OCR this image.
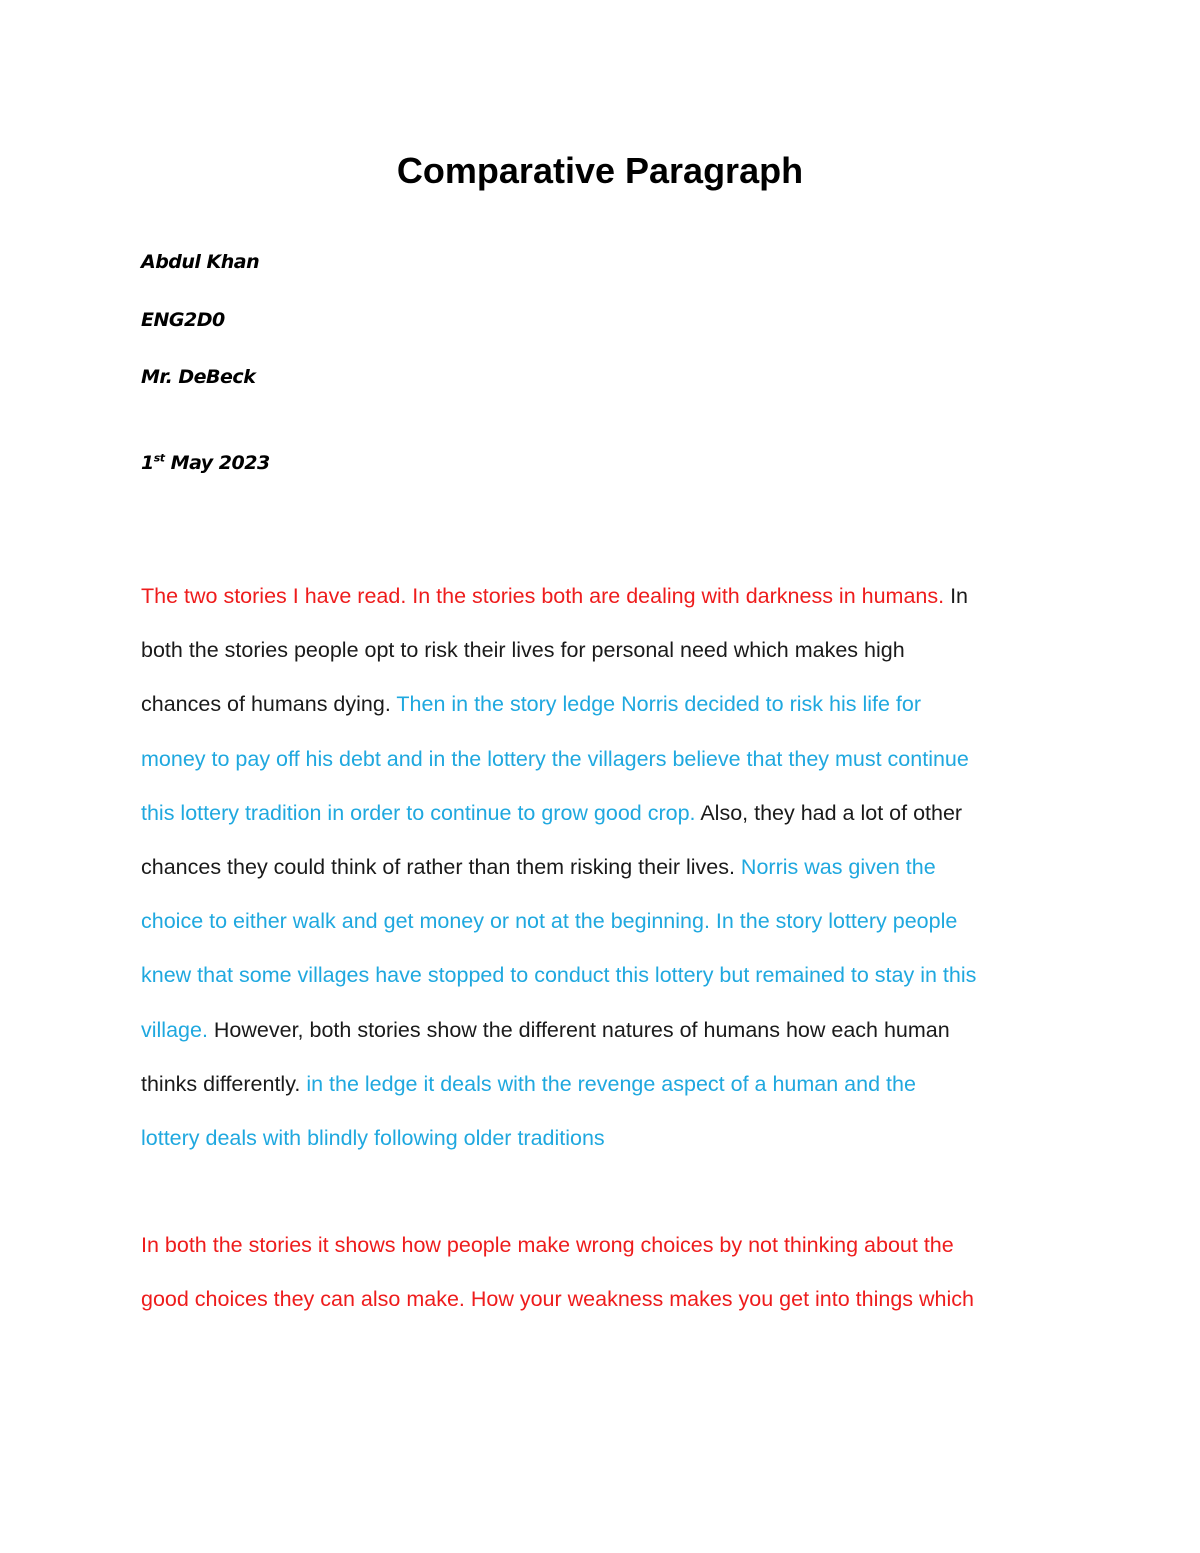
Comparative Paragraph

Abdul Khan

ENG2D0

Mr. DeBeck

1st May 2023

The two stories I have read. In the stories both are dealing with darkness in humans. In
both the stories people opt to risk their lives for personal need which makes high
chances of humans dying. Then in the story ledge Norris decided to risk his life for
money to pay off his debt and in the lottery the villagers believe that they must continue
this lottery tradition in order to continue to grow good crop. Also, they had a lot of other
chances they could think of rather than them risking their lives. Norris was given the
choice to either walk and get money or not at the beginning. In the story lottery people
knew that some villages have stopped to conduct this lottery but remained to stay in this
village. However, both stories show the different natures of humans how each human
thinks differently. in the ledge it deals with the revenge aspect of a human and the
lottery deals with blindly following older traditions
In both the stories it shows how people make wrong choices by not thinking about the
good choices they can also make. How your weakness makes you get into things which
